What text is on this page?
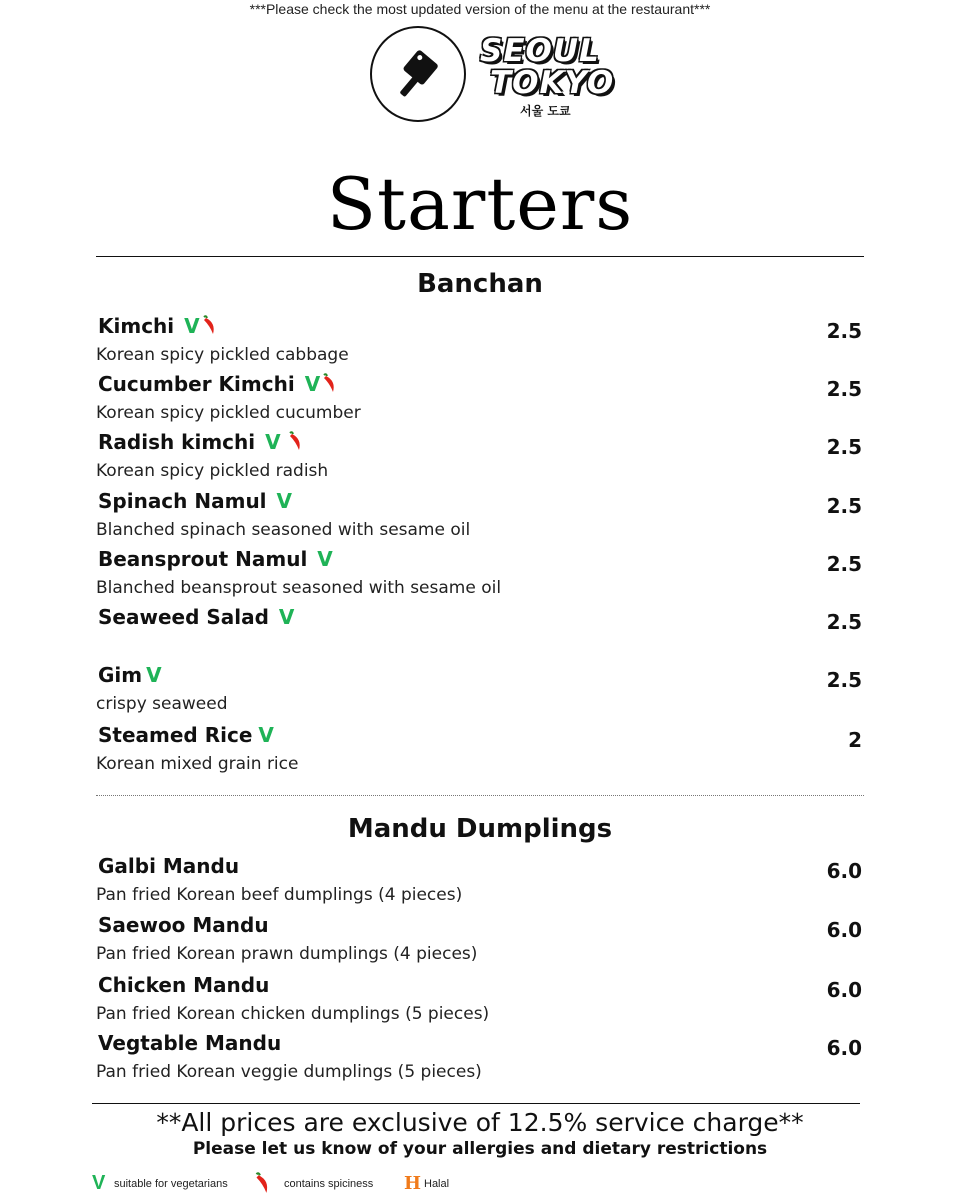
***Please check the most updated version of the menu at the restaurant***
SEOUL
TOKYO
서울 도쿄
Starters
Banchan
Kimchi V	2.5
Korean spicy pickled cabbage
Cucumber Kimchi V	2.5
Korean spicy pickled cucumber
Radish kimchi V	2.5
Korean spicy pickled radish
Spinach Namul V	2.5
Blanched spinach seasoned with sesame oil
Beansprout Namul V	2.5
Blanched beansprout seasoned with sesame oil
Seaweed Salad V	2.5
Gim V	2.5
crispy seaweed
Steamed Rice V	2
Korean mixed grain rice
Mandu Dumplings
Galbi Mandu	6.0
Pan fried Korean beef dumplings (4 pieces)
Saewoo Mandu	6.0
Pan fried Korean prawn dumplings (4 pieces)
Chicken Mandu	6.0
Pan fried Korean chicken dumplings (5 pieces)
Vegtable Mandu	6.0
Pan fried Korean veggie dumplings (5 pieces)
**All prices are exclusive of 12.5% service charge**
Please let us know of your allergies and dietary restrictions
V suitable for vegetarians	contains spiciness H Halal
